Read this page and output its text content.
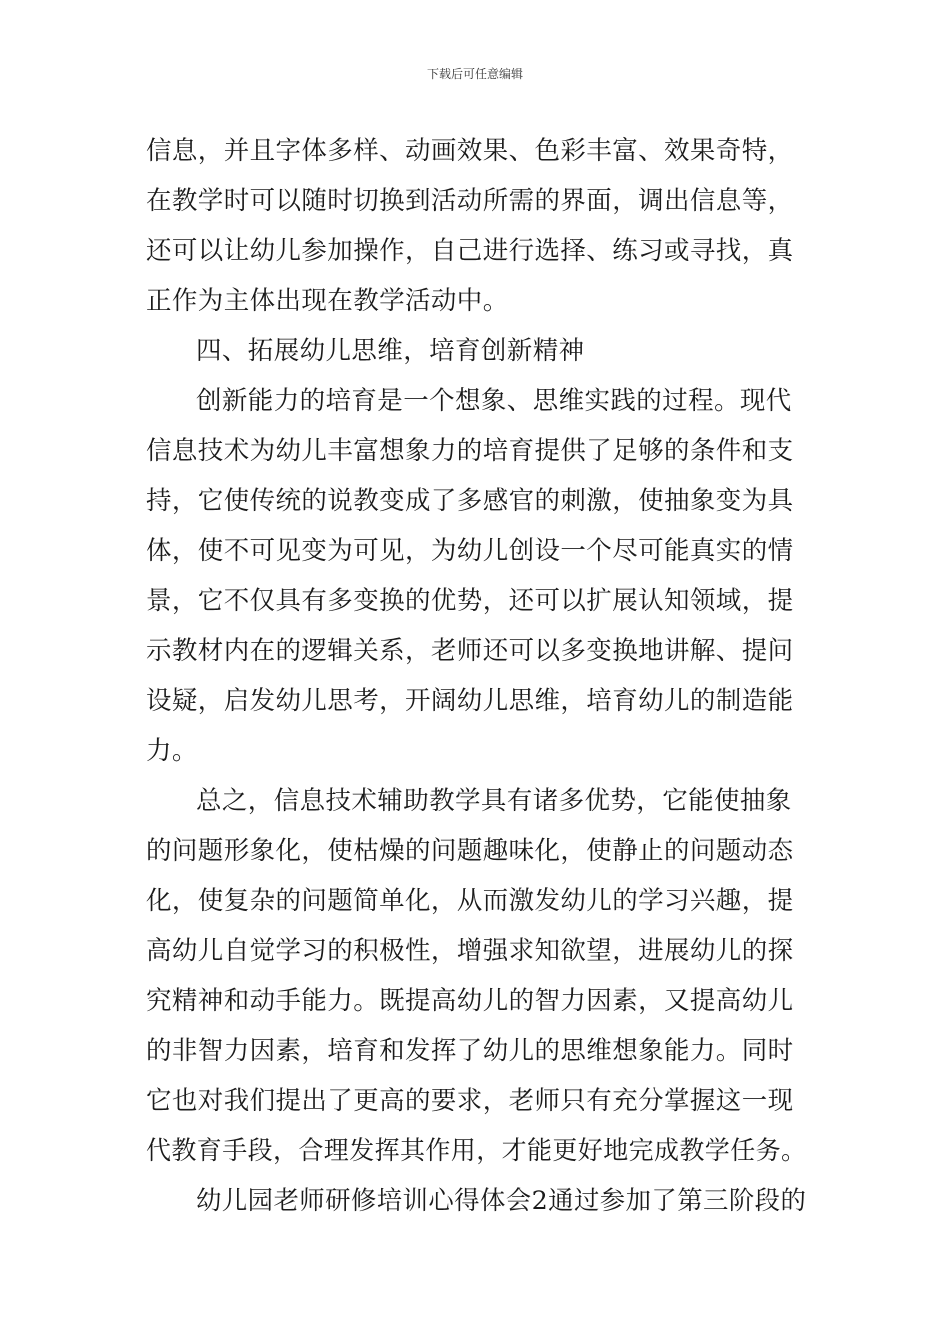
下载后可任意编辑
信息，并且字体多样、动画效果、色彩丰富、效果奇特，
在教学时可以随时切换到活动所需的界面，调出信息等，
还可以让幼儿参加操作，自己进行选择、练习或寻找，真
正作为主体出现在教学活动中。
四、拓展幼儿思维，培育创新精神
创新能力的培育是一个想象、思维实践的过程。现代
信息技术为幼儿丰富想象力的培育提供了足够的条件和支
持，它使传统的说教变成了多感官的刺激，使抽象变为具
体，使不可见变为可见，为幼儿创设一个尽可能真实的情
景，它不仅具有多变换的优势，还可以扩展认知领域，提
示教材内在的逻辑关系，老师还可以多变换地讲解、提问
设疑，启发幼儿思考，开阔幼儿思维，培育幼儿的制造能
力。
总之，信息技术辅助教学具有诸多优势，它能使抽象
的问题形象化，使枯燥的问题趣味化，使静止的问题动态
化，使复杂的问题简单化，从而激发幼儿的学习兴趣，提
高幼儿自觉学习的积极性，增强求知欲望，进展幼儿的探
究精神和动手能力。既提高幼儿的智力因素，又提高幼儿
的非智力因素，培育和发挥了幼儿的思维想象能力。同时
它也对我们提出了更高的要求，老师只有充分掌握这一现
代教育手段，合理发挥其作用，才能更好地完成教学任务。
幼儿园老师研修培训心得体会2通过参加了第三阶段的
